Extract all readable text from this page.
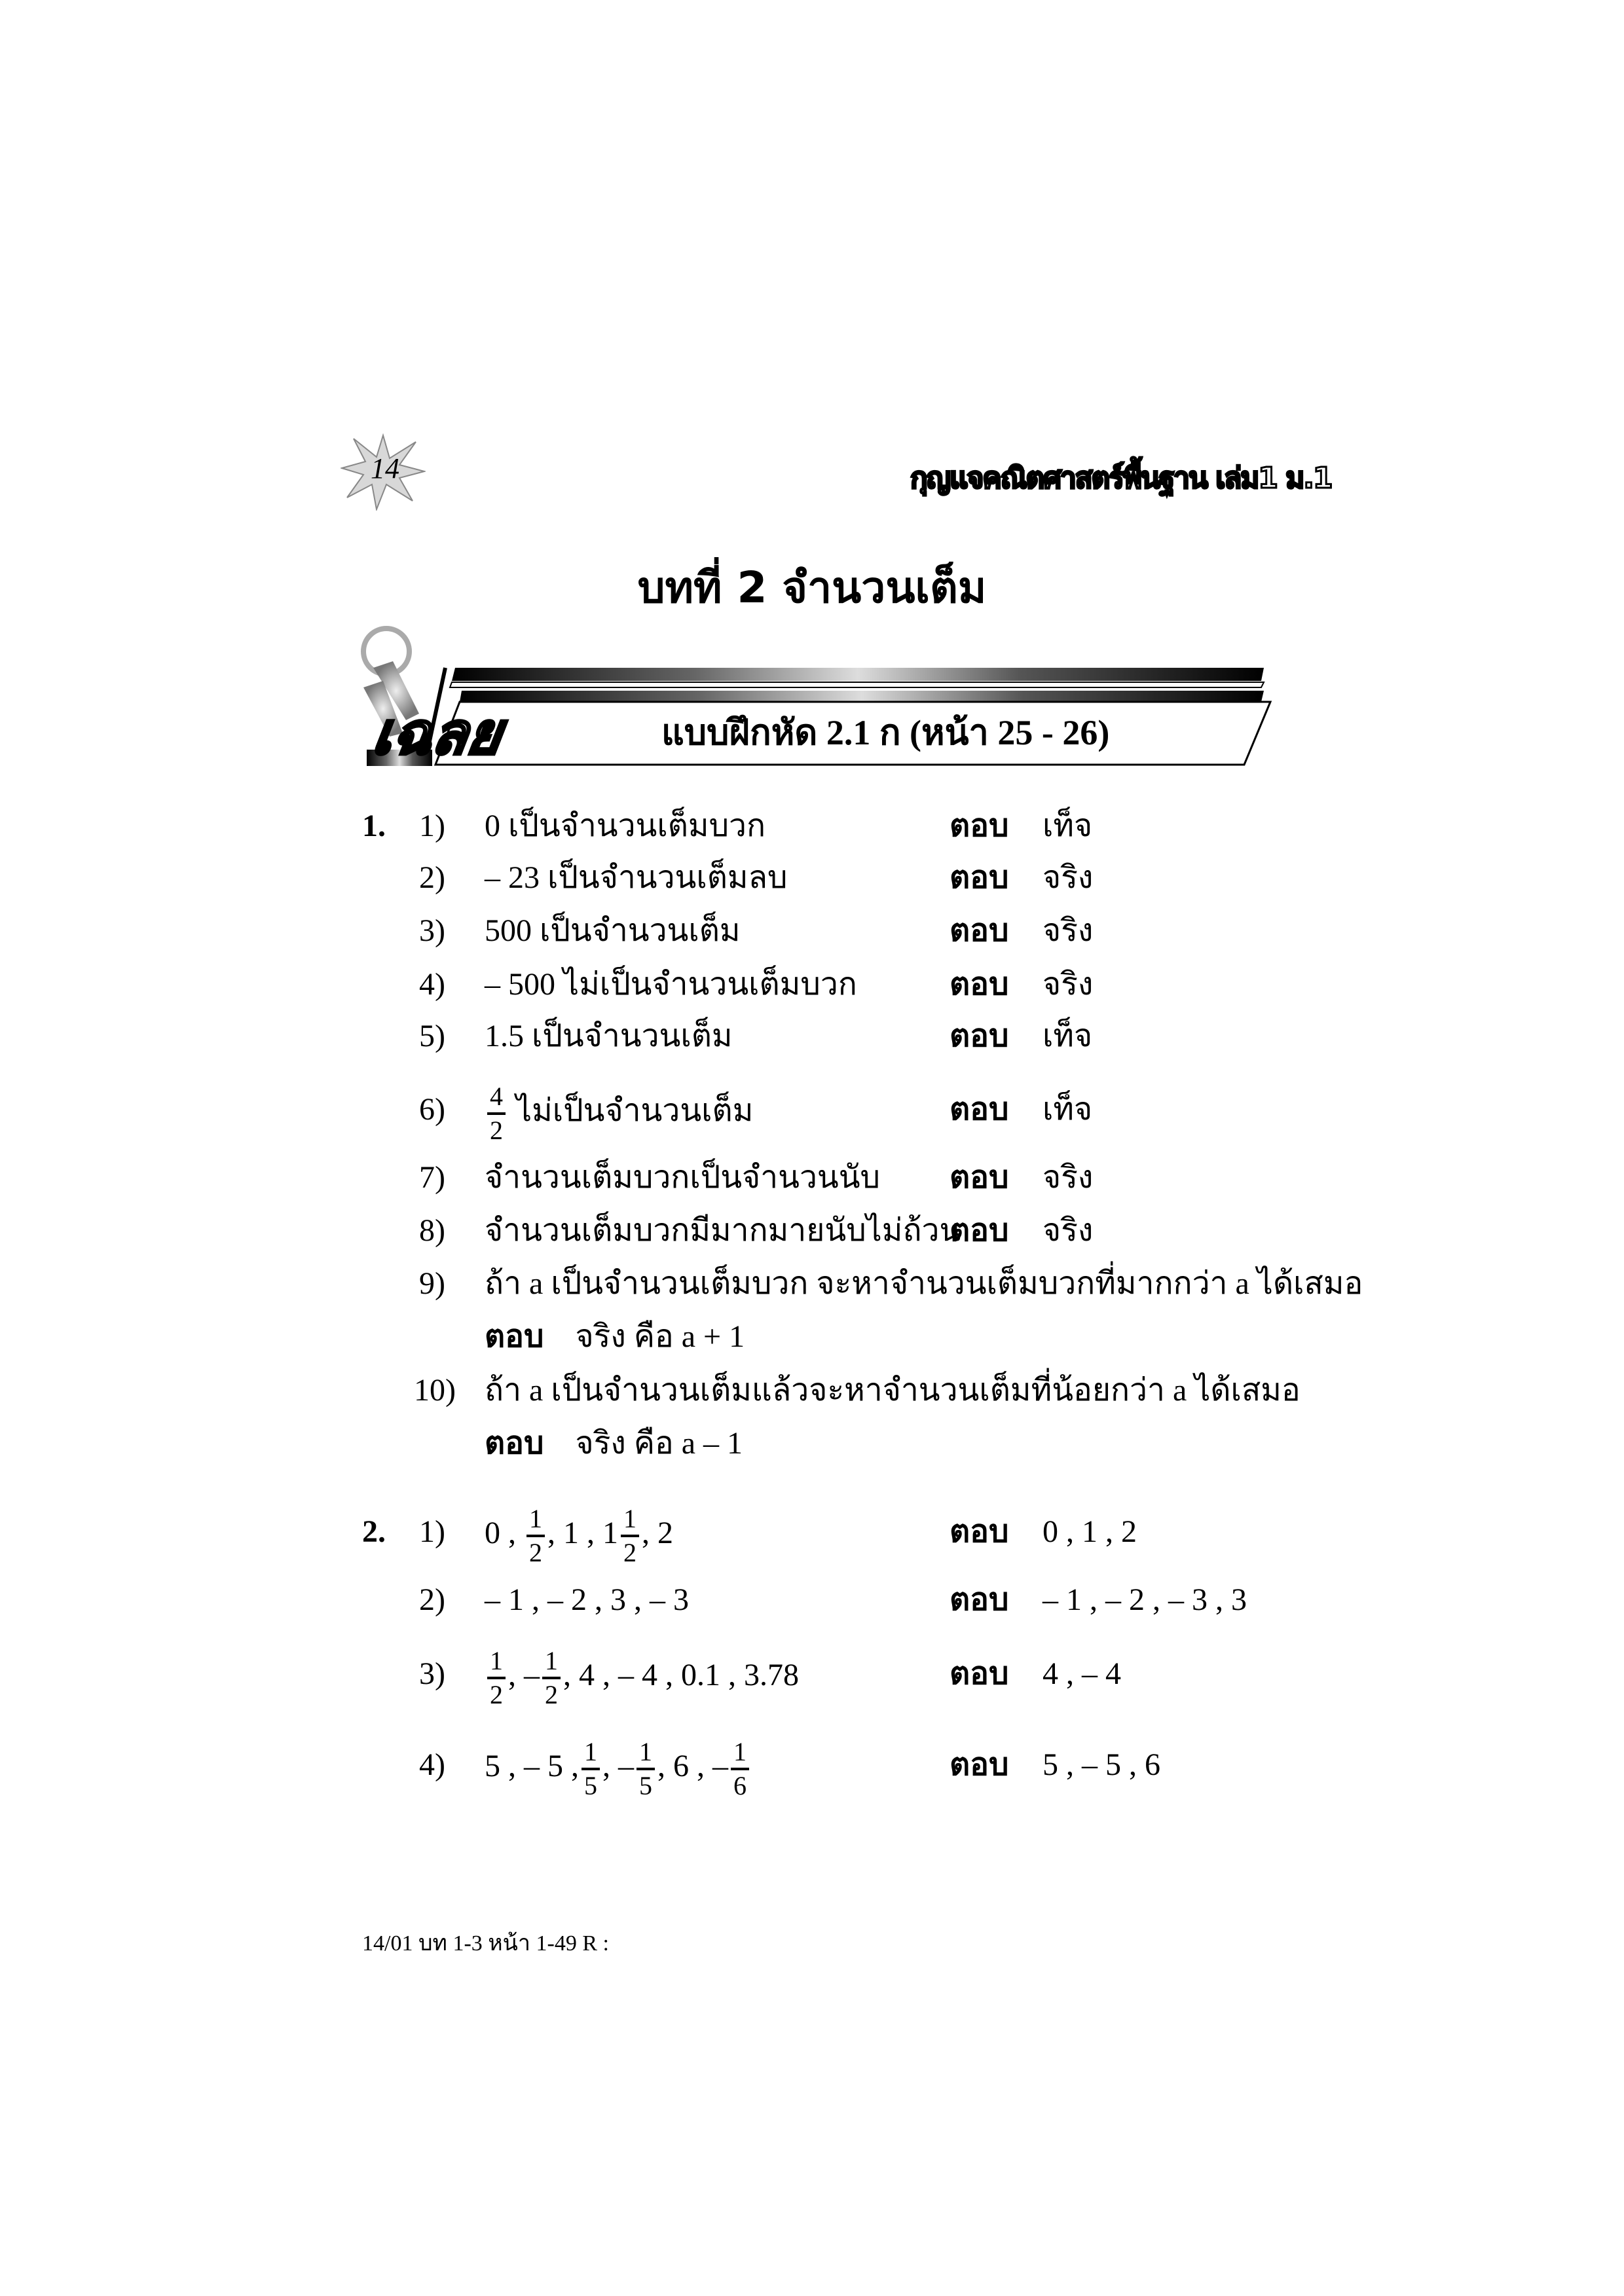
14	กุญแจคณิตศาสตร์พื้นฐาน เล่ม1 ม.1
บทที่ 2 จำนวนเต็ม
เฉลย	แบบฝึกหัด 2.1 ก (หน้า 25 - 26)
1. 1) 0 เป็นจำนวนเต็มบวก	ตอบ เท็จ
2) – 23 เป็นจำนวนเต็มลบ	ตอบ จริง
3) 500 เป็นจำนวนเต็ม	ตอบ จริง
4) – 500 ไม่เป็นจำนวนเต็มบวก	ตอบ จริง
5) 1.5 เป็นจำนวนเต็ม	ตอบ เท็จ
$6) \frac{4}{2}$ ไม่เป็นจำนวนเต็ม	ตอบ เท็จ
7) จำนวนเต็มบวกเป็นจำนวนนับ ตอบ จริง
8) จำนวนเต็มบวกมีมากมายนับไม่ถ้วน
ตอบ จริง
9) ถ้า a เป็นจำนวนเต็มบวก จะหาจำนวนเต็มบวกที่มากกว่า a ได้เสมอ
ตอบ จริง คือ a + 1
10) ถ้า a เป็นจำนวนเต็มแล้วจะหาจำนวนเต็มที่น้อยกว่า a ได้เสมอ
ตอบ จริง คือ a – 1
2. 1) 0 , $\frac{1}{2}$ , 1 , $1 \frac{1}{2}$ , 2	ตอบ 0 , 1 , 2
2) – 1 , – 2 , 3 , – 3	ตอบ – 1 , – 2 , – 3 , 3
$3) \frac{1}{2}$ , – $\frac{1}{2}$ , 4 , – 4 , 0.1 , 3.78	ตอบ 4 , – 4
4) 5 , – 5 , $\frac{1}{5}$ , – $\frac{1}{5}$ , 6 , – $\frac{1}{6}$	ตอบ 5 , – 5 , 6
14/01 บท 1-3 หน้า 1-49 R :
